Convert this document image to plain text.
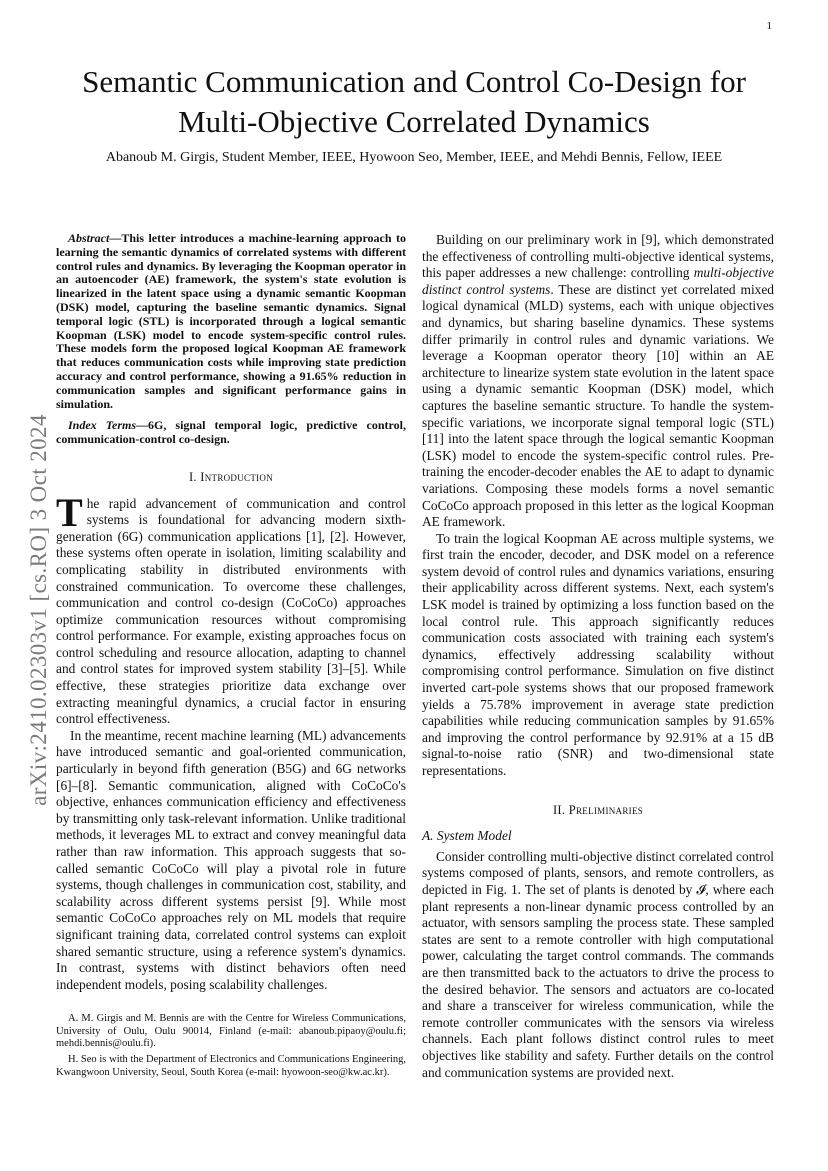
1
arXiv:2410.02303v1 [cs.RO] 3 Oct 2024
Semantic Communication and Control Co-Design for Multi-Objective Correlated Dynamics
Abanoub M. Girgis, Student Member, IEEE, Hyowoon Seo, Member, IEEE, and Mehdi Bennis, Fellow, IEEE

Abstract—This letter introduces a machine-learning approach to learning the semantic dynamics of correlated systems with different control rules and dynamics. By leveraging the Koopman operator in an autoencoder (AE) framework, the system's state evolution is linearized in the latent space using a dynamic semantic Koopman (DSK) model, capturing the baseline semantic dynamics. Signal temporal logic (STL) is incorporated through a logical semantic Koopman (LSK) model to encode system-specific control rules. These models form the proposed logical Koopman AE framework that reduces communication costs while improving state prediction accuracy and control performance, showing a 91.65% reduction in communication samples and significant performance gains in simulation.

Index Terms—6G, signal temporal logic, predictive control, communication-control co-design.

I. Introduction

The rapid advancement of communication and control systems is foundational for advancing modern sixth-generation (6G) communication applications [1], [2]. However, these systems often operate in isolation, limiting scalability and complicating stability in distributed environments with constrained communication. To overcome these challenges, communication and control co-design (CoCoCo) approaches optimize communication resources without compromising control performance. For example, existing approaches focus on control scheduling and resource allocation, adapting to channel and control states for improved system stability [3]–[5]. While effective, these strategies prioritize data exchange over extracting meaningful dynamics, a crucial factor in ensuring control effectiveness.

In the meantime, recent machine learning (ML) advancements have introduced semantic and goal-oriented communication, particularly in beyond fifth generation (B5G) and 6G networks [6]–[8]. Semantic communication, aligned with CoCoCo's objective, enhances communication efficiency and effectiveness by transmitting only task-relevant information. Unlike traditional methods, it leverages ML to extract and convey meaningful data rather than raw information. This approach suggests that so-called semantic CoCoCo will play a pivotal role in future systems, though challenges in communication cost, stability, and scalability across different systems persist [9]. While most semantic CoCoCo approaches rely on ML models that require significant training data, correlated control systems can exploit shared semantic structure, using a reference system's dynamics. In contrast, systems with distinct behaviors often need independent models, posing scalability challenges.

A. M. Girgis and M. Bennis are with the Centre for Wireless Communications, University of Oulu, Oulu 90014, Finland (e-mail: abanoub.pipaoy@oulu.fi; mehdi.bennis@oulu.fi).

H. Seo is with the Department of Electronics and Communications Engineering, Kwangwoon University, Seoul, South Korea (e-mail: hyowoon-seo@kw.ac.kr).

Building on our preliminary work in [9], which demonstrated the effectiveness of controlling multi-objective identical systems, this paper addresses a new challenge: controlling multi-objective distinct control systems. These are distinct yet correlated mixed logical dynamical (MLD) systems, each with unique objectives and dynamics, but sharing baseline dynamics. These systems differ primarily in control rules and dynamic variations. We leverage a Koopman operator theory [10] within an AE architecture to linearize system state evolution in the latent space using a dynamic semantic Koopman (DSK) model, which captures the baseline semantic structure. To handle the system-specific variations, we incorporate signal temporal logic (STL) [11] into the latent space through the logical semantic Koopman (LSK) model to encode the system-specific control rules. Pre-training the encoder-decoder enables the AE to adapt to dynamic variations. Composing these models forms a novel semantic CoCoCo approach proposed in this letter as the logical Koopman AE framework.

To train the logical Koopman AE across multiple systems, we first train the encoder, decoder, and DSK model on a reference system devoid of control rules and dynamics variations, ensuring their applicability across different systems. Next, each system's LSK model is trained by optimizing a loss function based on the local control rule. This approach significantly reduces communication costs associated with training each system's dynamics, effectively addressing scalability without compromising control performance. Simulation on five distinct inverted cart-pole systems shows that our proposed framework yields a 75.78% improvement in average state prediction capabilities while reducing communication samples by 91.65% and improving the control performance by 92.91% at a 15 dB signal-to-noise ratio (SNR) and two-dimensional state representations.

II. Preliminaries
A. System Model

Consider controlling multi-objective distinct correlated control systems composed of plants, sensors, and remote controllers, as depicted in Fig. 1. The set of plants is denoted by 𝓘, where each plant represents a non-linear dynamic process controlled by an actuator, with sensors sampling the process state. These sampled states are sent to a remote controller with high computational power, calculating the target control commands. The commands are then transmitted back to the actuators to drive the process to the desired behavior. The sensors and actuators are co-located and share a transceiver for wireless communication, while the remote controller communicates with the sensors via wireless channels. Each plant follows distinct control rules to meet objectives like stability and safety. Further details on the control and communication systems are provided next.
